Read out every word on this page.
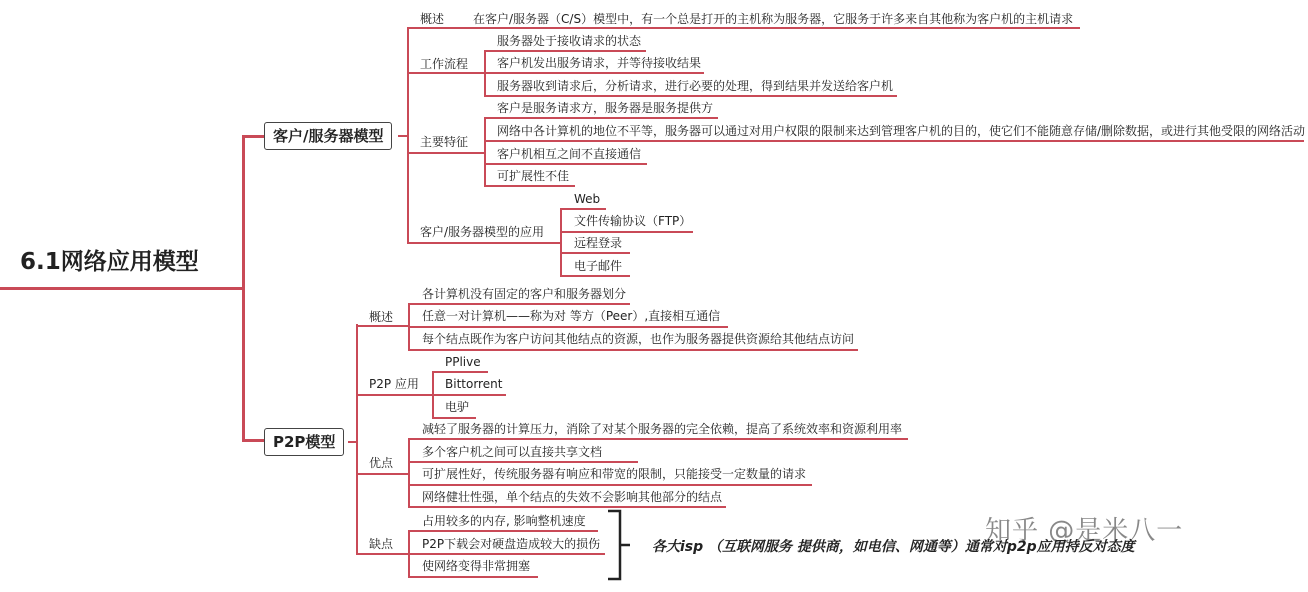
知乎 @是米八一
6.1网络应用模型
客户/服务器模型
概述 在客户/服务器（C/S）模型中，有一个总是打开的主机称为服务器，它服务于许多来自其他称为客户机的主机请求
工作流程
服务器处于接收请求的状态
客户机发出服务请求，并等待接收结果
服务器收到请求后，分析请求，进行必要的处理，得到结果并发送给客户机
主要特征
客户是服务请求方，服务器是服务提供方
网络中各计算机的地位不平等，服务器可以通过对用户权限的限制来达到管理客户机的目的，使它们不能随意存储/删除数据，或进行其他受限的网络活动
客户机相互之间不直接通信
可扩展性不佳
客户/服务器模型的应用
Web
文件传输协议（FTP）
远程登录
电子邮件
P2P模型
概述
各计算机没有固定的客户和服务器划分
任意一对计算机——称为对 等方（Peer）,直接相互通信
每个结点既作为客户访问其他结点的资源，也作为服务器提供资源给其他结点访问
P2P 应用
PPlive
Bittorrent
电驴
优点
减轻了服务器的计算压力，消除了对某个服务器的完全依赖，提高了系统效率和资源利用率
多个客户机之间可以直接共享文档
可扩展性好，传统服务器有响应和带宽的限制，只能接受一定数量的请求
网络健壮性强，单个结点的失效不会影响其他部分的结点
缺点
占用较多的内存, 影响整机速度
P2P下载会对硬盘造成较大的损伤
使网络变得非常拥塞
各大isp （互联网服务 提供商，如电信、网通等）通常对p2p应用持反对态度
